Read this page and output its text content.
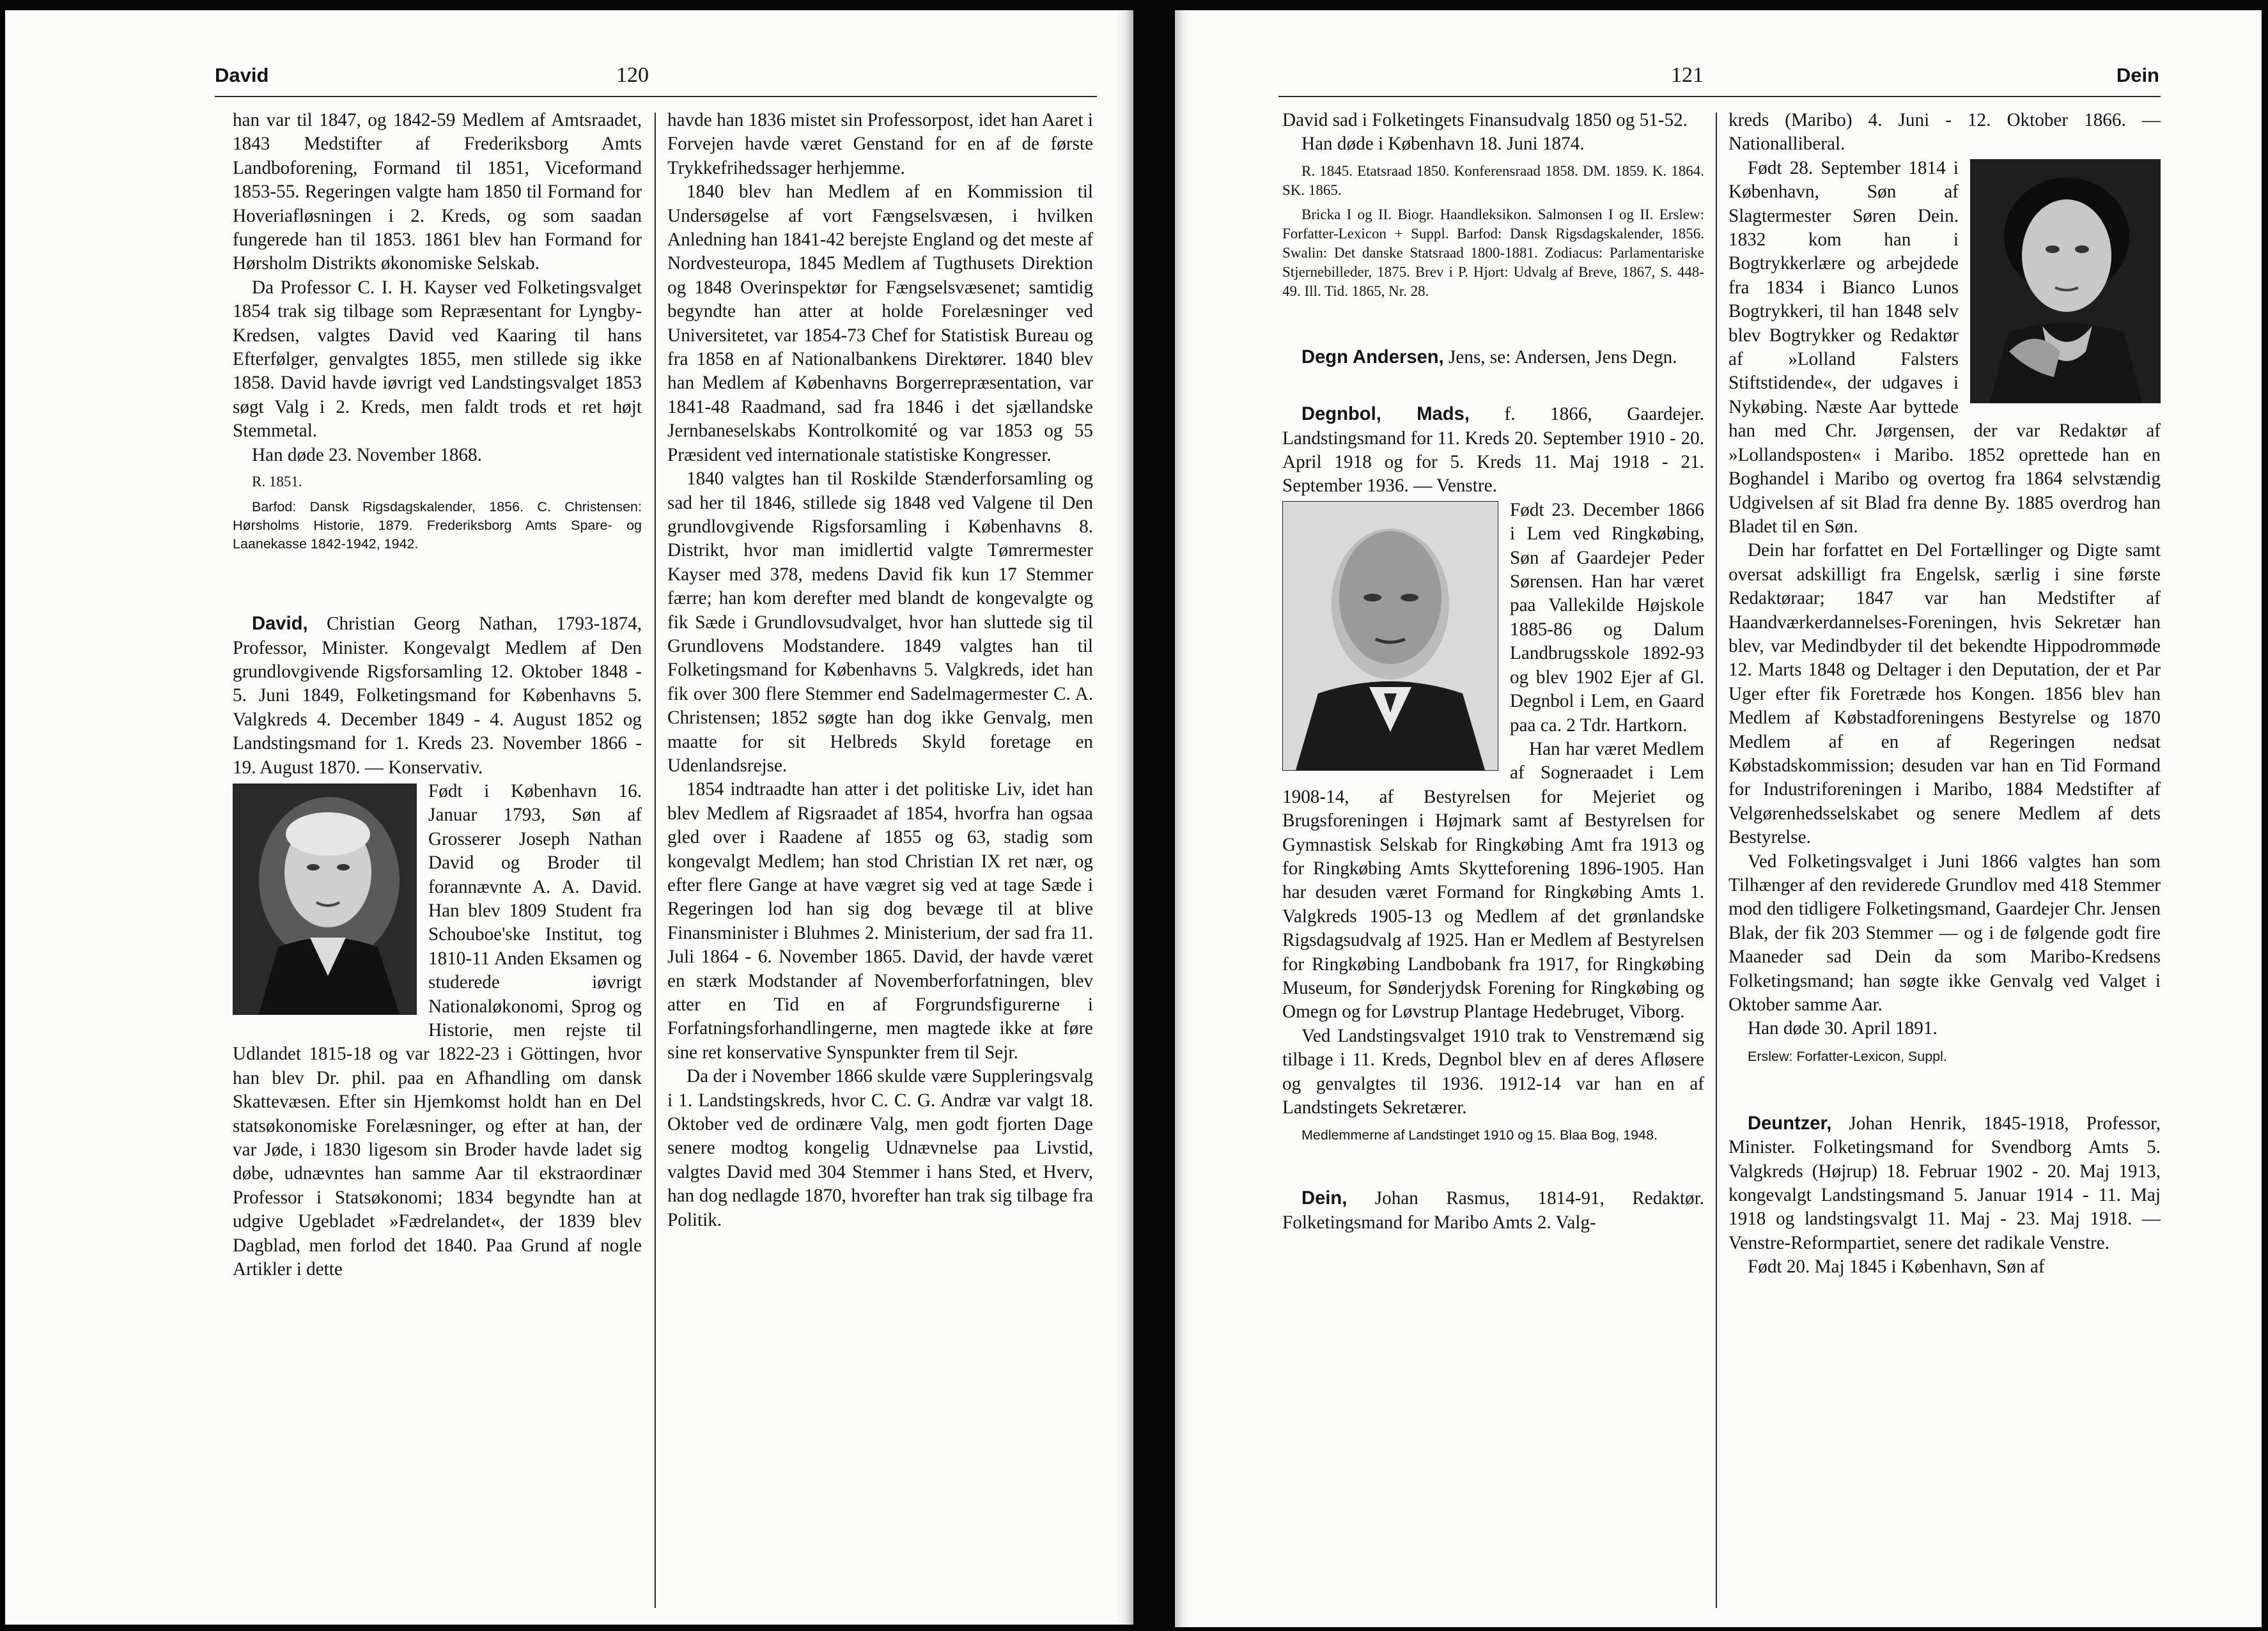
David	120

han var til 1847, og 1842-59 Medlem af Amtsraadet, 1843 Medstifter af Frederiksborg Amts Landboforening, Formand til 1851, Viceformand 1853-55. Regeringen valgte ham 1850 til Formand for Hoveriafløsningen i 2. Kreds, og som saadan fungerede han til 1853. 1861 blev han Formand for Hørsholm Distrikts økonomiske Selskab.

Da Professor C. I. H. Kayser ved Folketingsvalget 1854 trak sig tilbage som Repræsentant for Lyngby-Kredsen, valgtes David ved Kaaring til hans Efterfølger, genvalgtes 1855, men stillede sig ikke 1858. David havde iøvrigt ved Landstingsvalget 1853 søgt Valg i 2. Kreds, men faldt trods et ret højt Stemmetal.

Han døde 23. November 1868.

R. 1851.

Barfod: Dansk Rigsdagskalender, 1856. C. Christensen: Hørsholms Historie, 1879. Frederiksborg Amts Spare- og Laanekasse 1842-1942, 1942.

David, Christian Georg Nathan, 1793-1874, Professor, Minister. Kongevalgt Medlem af Den grundlovgivende Rigsforsamling 12. Oktober 1848 - 5. Juni 1849, Folketingsmand for Københavns 5. Valgkreds 4. December 1849 - 4. August 1852 og Landstingsmand for 1. Kreds 23. November 1866 - 19. August 1870. — Konservativ.

Født i København 16. Januar 1793, Søn af Grosserer Joseph Nathan David og Broder til forannævnte A. A. David. Han blev 1809 Student fra Schouboe'ske Institut, tog 1810-11 Anden Eksamen og studerede iøvrigt Nationaløkonomi, Sprog og Historie, men rejste til Udlandet 1815-18 og var 1822-23 i Göttingen, hvor han blev Dr. phil. paa en Afhandling om dansk Skattevæsen. Efter sin Hjemkomst holdt han en Del statsøkonomiske Forelæsninger, og efter at han, der var Jøde, i 1830 ligesom sin Broder havde ladet sig døbe, udnævntes han samme Aar til ekstraordinær Professor i Statsøkonomi; 1834 begyndte han at udgive Ugebladet »Fædrelandet«, der 1839 blev Dagblad, men forlod det 1840. Paa Grund af nogle Artikler i dette

havde han 1836 mistet sin Professorpost, idet han Aaret i Forvejen havde været Genstand for en af de første Trykkefrihedssager herhjemme.

1840 blev han Medlem af en Kommission til Undersøgelse af vort Fængselsvæsen, i hvilken Anledning han 1841-42 berejste England og det meste af Nordvesteuropa, 1845 Medlem af Tugthusets Direktion og 1848 Overinspektør for Fængselsvæsenet; samtidig begyndte han atter at holde Forelæsninger ved Universitetet, var 1854-73 Chef for Statistisk Bureau og fra 1858 en af Nationalbankens Direktører. 1840 blev han Medlem af Københavns Borgerrepræsentation, var 1841-48 Raadmand, sad fra 1846 i det sjællandske Jernbaneselskabs Kontrolkomité og var 1853 og 55 Præsident ved internationale statistiske Kongresser.

1840 valgtes han til Roskilde Stænderforsamling og sad her til 1846, stillede sig 1848 ved Valgene til Den grundlovgivende Rigsforsamling i Københavns 8. Distrikt, hvor man imidlertid valgte Tømrermester Kayser med 378, medens David fik kun 17 Stemmer færre; han kom derefter med blandt de kongevalgte og fik Sæde i Grundlovsudvalget, hvor han sluttede sig til Grundlovens Modstandere. 1849 valgtes han til Folketingsmand for Københavns 5. Valgkreds, idet han fik over 300 flere Stemmer end Sadelmagermester C. A. Christensen; 1852 søgte han dog ikke Genvalg, men maatte for sit Helbreds Skyld foretage en Udenlandsrejse.

1854 indtraadte han atter i det politiske Liv, idet han blev Medlem af Rigsraadet af 1854, hvorfra han ogsaa gled over i Raadene af 1855 og 63, stadig som kongevalgt Medlem; han stod Christian IX ret nær, og efter flere Gange at have vægret sig ved at tage Sæde i Regeringen lod han sig dog bevæge til at blive Finansminister i Bluhmes 2. Ministerium, der sad fra 11. Juli 1864 - 6. November 1865. David, der havde været en stærk Modstander af Novemberforfatningen, blev atter en Tid en af Forgrundsfigurerne i Forfatningsforhandlingerne, men magtede ikke at føre sine ret konservative Synspunkter frem til Sejr.

Da der i November 1866 skulde være Suppleringsvalg i 1. Landstingskreds, hvor C. C. G. Andræ var valgt 18. Oktober ved de ordinære Valg, men godt fjorten Dage senere modtog kongelig Udnævnelse paa Livstid, valgtes David med 304 Stemmer i hans Sted, et Hverv, han dog nedlagde 1870, hvorefter han trak sig tilbage fra Politik.

121	Dein

David sad i Folketingets Finansudvalg 1850 og 51-52.

Han døde i København 18. Juni 1874.

R. 1845. Etatsraad 1850. Konferensraad 1858. DM. 1859. K. 1864. SK. 1865.

Bricka I og II. Biogr. Haandleksikon. Salmonsen I og II. Erslew: Forfatter-Lexicon + Suppl. Barfod: Dansk Rigsdagskalender, 1856. Swalin: Det danske Statsraad 1800-1881. Zodiacus: Parlamentariske Stjernebilleder, 1875. Brev i P. Hjort: Udvalg af Breve, 1867, S. 448-49. Ill. Tid. 1865, Nr. 28.

Degn Andersen, Jens, se: Andersen, Jens Degn.

Degnbol, Mads, f. 1866, Gaardejer. Landstingsmand for 11. Kreds 20. September 1910 - 20. April 1918 og for 5. Kreds 11. Maj 1918 - 21. September 1936. — Venstre.

Født 23. December 1866 i Lem ved Ringkøbing, Søn af Gaardejer Peder Sørensen. Han har været paa Vallekilde Højskole 1885-86 og Dalum Landbrugsskole 1892-93 og blev 1902 Ejer af Gl. Degnbol i Lem, en Gaard paa ca. 2 Tdr. Hartkorn.

Han har været Medlem af Sogneraadet i Lem 1908-14, af Bestyrelsen for Mejeriet og Brugsforeningen i Højmark samt af Bestyrelsen for Gymnastisk Selskab for Ringkøbing Amt fra 1913 og for Ringkøbing Amts Skytteforening 1896-1905. Han har desuden været Formand for Ringkøbing Amts 1. Valgkreds 1905-13 og Medlem af det grønlandske Rigsdagsudvalg af 1925. Han er Medlem af Bestyrelsen for Ringkøbing Landbobank fra 1917, for Ringkøbing Museum, for Sønderjydsk Forening for Ringkøbing og Omegn og for Løvstrup Plantage Hedebruget, Viborg.

Ved Landstingsvalget 1910 trak to Venstremænd sig tilbage i 11. Kreds, Degnbol blev en af deres Afløsere og genvalgtes til 1936. 1912-14 var han en af Landstingets Sekretærer.

Medlemmerne af Landstinget 1910 og 15. Blaa Bog, 1948.

Dein, Johan Rasmus, 1814-91, Redaktør. Folketingsmand for Maribo Amts 2. Valg-

kreds (Maribo) 4. Juni - 12. Oktober 1866. — Nationalliberal.

Født 28. September 1814 i København, Søn af Slagtermester Søren Dein. 1832 kom han i Bogtrykkerlære og arbejdede fra 1834 i Bianco Lunos Bogtrykkeri, til han 1848 selv blev Bogtrykker og Redaktør af »Lolland Falsters Stiftstidende«, der udgaves i Nykøbing. Næste Aar byttede han med Chr. Jørgensen, der var Redaktør af »Lollandsposten« i Maribo. 1852 oprettede han en Boghandel i Maribo og overtog fra 1864 selvstændig Udgivelsen af sit Blad fra denne By. 1885 overdrog han Bladet til en Søn.

Dein har forfattet en Del Fortællinger og Digte samt oversat adskilligt fra Engelsk, særlig i sine første Redaktøraar; 1847 var han Medstifter af Haandværkerdannelses-Foreningen, hvis Sekretær han blev, var Medindbyder til det bekendte Hippodrommøde 12. Marts 1848 og Deltager i den Deputation, der et Par Uger efter fik Foretræde hos Kongen. 1856 blev han Medlem af Købstadforeningens Bestyrelse og 1870 Medlem af en af Regeringen nedsat Købstadskommission; desuden var han en Tid Formand for Industriforeningen i Maribo, 1884 Medstifter af Velgørenhedsselskabet og senere Medlem af dets Bestyrelse.

Ved Folketingsvalget i Juni 1866 valgtes han som Tilhænger af den reviderede Grundlov med 418 Stemmer mod den tidligere Folketingsmand, Gaardejer Chr. Jensen Blak, der fik 203 Stemmer — og i de følgende godt fire Maaneder sad Dein da som Maribo-Kredsens Folketingsmand; han søgte ikke Genvalg ved Valget i Oktober samme Aar.

Han døde 30. April 1891.

Erslew: Forfatter-Lexicon, Suppl.

Deuntzer, Johan Henrik, 1845-1918, Professor, Minister. Folketingsmand for Svendborg Amts 5. Valgkreds (Højrup) 18. Februar 1902 - 20. Maj 1913, kongevalgt Landstingsmand 5. Januar 1914 - 11. Maj 1918 og landstingsvalgt 11. Maj - 23. Maj 1918. — Venstre-Reformpartiet, senere det radikale Venstre.

Født 20. Maj 1845 i København, Søn af
